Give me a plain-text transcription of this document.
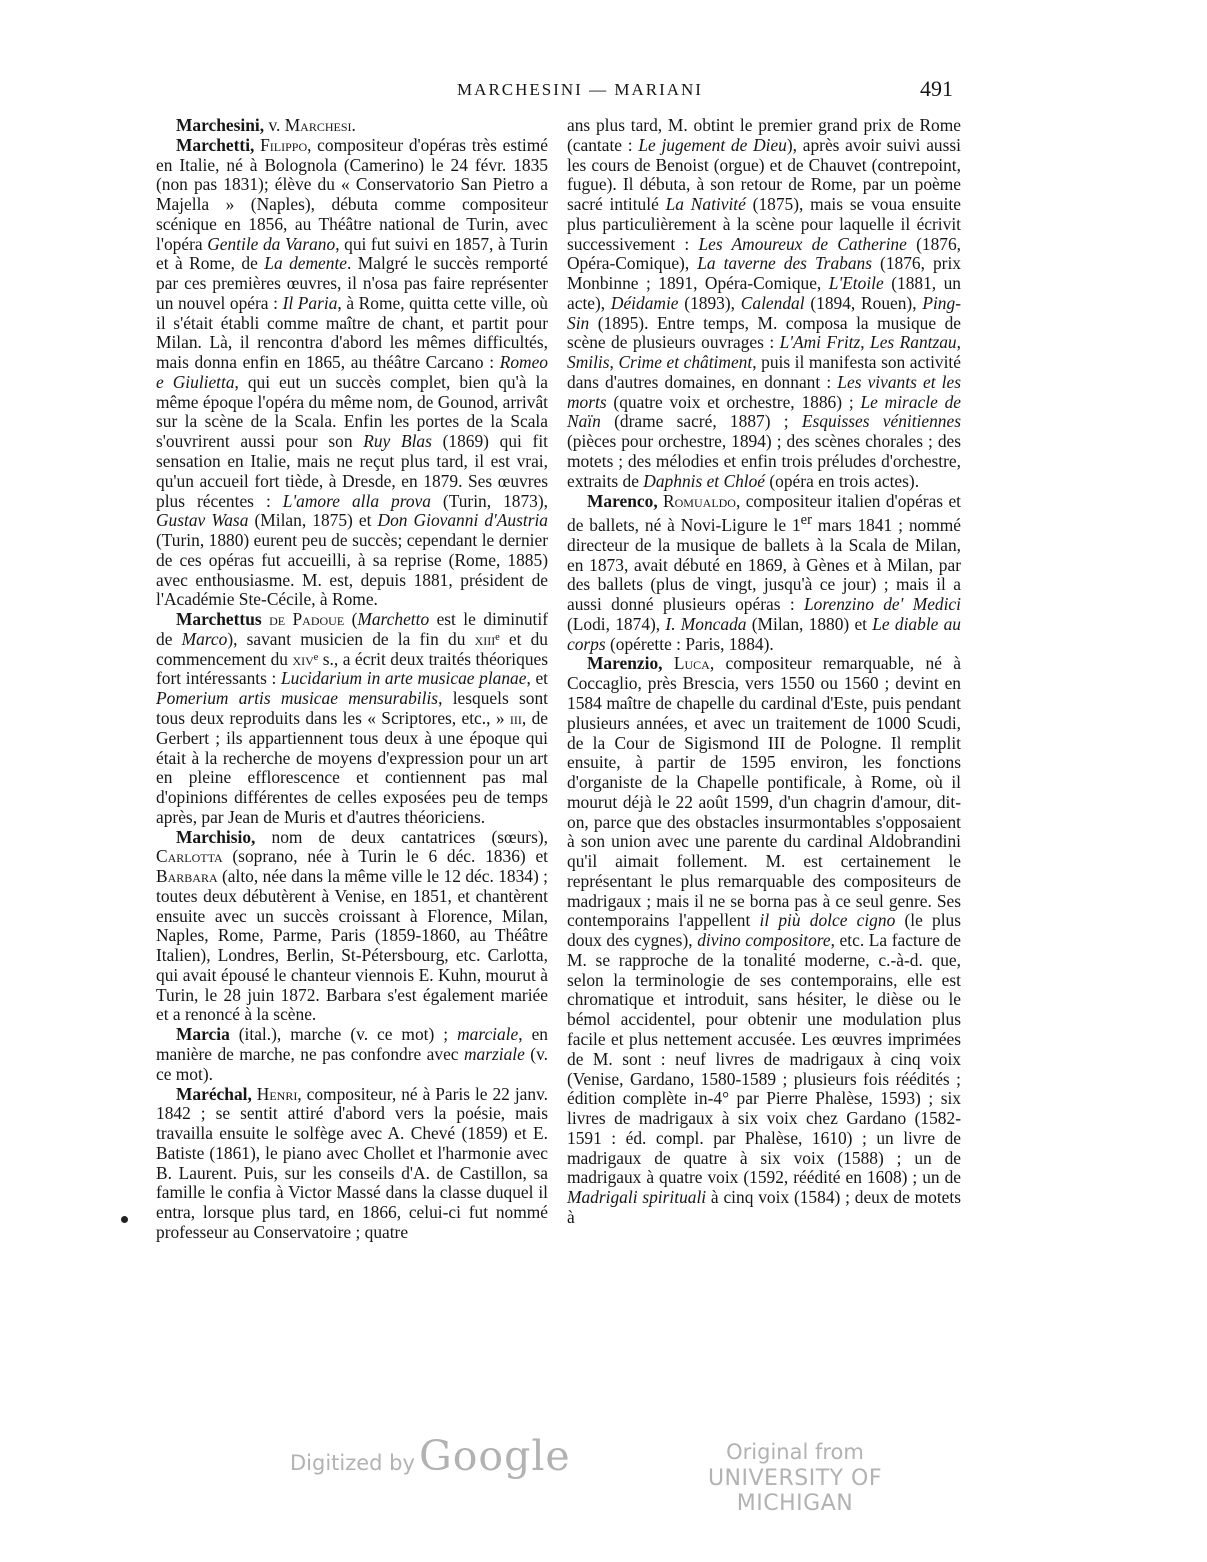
MARCHESINI — MARIANI	491

Marchesini, v. Marchesi.

Marchetti, Filippo, compositeur d'opéras très estimé en Italie, né à Bolognola (Camerino) le 24 févr. 1835 (non pas 1831); élève du « Conservatorio San Pietro a Majella » (Naples), débuta comme compositeur scénique en 1856, au Théâtre national de Turin, avec l'opéra Gentile da Varano, qui fut suivi en 1857, à Turin et à Rome, de La demente. Malgré le succès remporté par ces premières œuvres, il n'osa pas faire représenter un nouvel opéra : Il Paria, à Rome, quitta cette ville, où il s'était établi comme maître de chant, et partit pour Milan. Là, il rencontra d'abord les mêmes difficultés, mais donna enfin en 1865, au théâtre Carcano : Romeo e Giulietta, qui eut un succès complet, bien qu'à la même époque l'opéra du même nom, de Gounod, arrivât sur la scène de la Scala. Enfin les portes de la Scala s'ouvrirent aussi pour son Ruy Blas (1869) qui fit sensation en Italie, mais ne reçut plus tard, il est vrai, qu'un accueil fort tiède, à Dresde, en 1879. Ses œuvres plus récentes : L'amore alla prova (Turin, 1873), Gustav Wasa (Milan, 1875) et Don Giovanni d'Austria (Turin, 1880) eurent peu de succès; cependant le dernier de ces opéras fut accueilli, à sa reprise (Rome, 1885) avec enthousiasme. M. est, depuis 1881, président de l'Académie Ste-Cécile, à Rome.

Marchettus de Padoue (Marchetto est le diminutif de Marco), savant musicien de la fin du xiiiᵉ et du commencement du xivᵉ s., a écrit deux traités théoriques fort intéressants : Lucidarium in arte musicae planae, et Pomerium artis musicae mensurabilis, lesquels sont tous deux reproduits dans les « Scriptores, etc., » iii, de Gerbert ; ils appartiennent tous deux à une époque qui était à la recherche de moyens d'expression pour un art en pleine efflorescence et contiennent pas mal d'opinions différentes de celles exposées peu de temps après, par Jean de Muris et d'autres théoriciens.

Marchisio, nom de deux cantatrices (sœurs), Carlotta (soprano, née à Turin le 6 déc. 1836) et Barbara (alto, née dans la même ville le 12 déc. 1834) ; toutes deux débutèrent à Venise, en 1851, et chantèrent ensuite avec un succès croissant à Florence, Milan, Naples, Rome, Parme, Paris (1859-1860, au Théâtre Italien), Londres, Berlin, St-Pétersbourg, etc. Carlotta, qui avait épousé le chanteur viennois E. Kuhn, mourut à Turin, le 28 juin 1872. Barbara s'est également mariée et a renoncé à la scène.

Marcia (ital.), marche (v. ce mot) ; marciale, en manière de marche, ne pas confondre avec marziale (v. ce mot).

Maréchal, Henri, compositeur, né à Paris le 22 janv. 1842 ; se sentit attiré d'abord vers la poésie, mais travailla ensuite le solfège avec A. Chevé (1859) et E. Batiste (1861), le piano avec Chollet et l'harmonie avec B. Laurent. Puis, sur les conseils d'A. de Castillon, sa famille le confia à Victor Massé dans la classe duquel il entra, lorsque plus tard, en 1866, celui-ci fut nommé professeur au Conservatoire ; quatre

ans plus tard, M. obtint le premier grand prix de Rome (cantate : Le jugement de Dieu), après avoir suivi aussi les cours de Benoist (orgue) et de Chauvet (contrepoint, fugue). Il débuta, à son retour de Rome, par un poème sacré intitulé La Nativité (1875), mais se voua ensuite plus particulièrement à la scène pour laquelle il écrivit successivement : Les Amoureux de Catherine (1876, Opéra-Comique), La taverne des Trabans (1876, prix Monbinne ; 1891, Opéra-Comique, L'Etoile (1881, un acte), Déidamie (1893), Calendal (1894, Rouen), Ping-Sin (1895). Entre temps, M. composa la musique de scène de plusieurs ouvrages : L'Ami Fritz, Les Rantzau, Smilis, Crime et châtiment, puis il manifesta son activité dans d'autres domaines, en donnant : Les vivants et les morts (quatre voix et orchestre, 1886) ; Le miracle de Naïn (drame sacré, 1887) ; Esquisses vénitiennes (pièces pour orchestre, 1894) ; des scènes chorales ; des motets ; des mélodies et enfin trois préludes d'orchestre, extraits de Daphnis et Chloé (opéra en trois actes).

Marenco, Romualdo, compositeur italien d'opéras et de ballets, né à Novi-Ligure le 1er mars 1841 ; nommé directeur de la musique de ballets à la Scala de Milan, en 1873, avait débuté en 1869, à Gènes et à Milan, par des ballets (plus de vingt, jusqu'à ce jour) ; mais il a aussi donné plusieurs opéras : Lorenzino de' Medici (Lodi, 1874), I. Moncada (Milan, 1880) et Le diable au corps (opérette : Paris, 1884).

Marenzio, Luca, compositeur remarquable, né à Coccaglio, près Brescia, vers 1550 ou 1560 ; devint en 1584 maître de chapelle du cardinal d'Este, puis pendant plusieurs années, et avec un traitement de 1000 Scudi, de la Cour de Sigismond III de Pologne. Il remplit ensuite, à partir de 1595 environ, les fonctions d'organiste de la Chapelle pontificale, à Rome, où il mourut déjà le 22 août 1599, d'un chagrin d'amour, dit-on, parce que des obstacles insurmontables s'opposaient à son union avec une parente du cardinal Aldobrandini qu'il aimait follement. M. est certainement le représentant le plus remarquable des compositeurs de madrigaux ; mais il ne se borna pas à ce seul genre. Ses contemporains l'appellent il più dolce cigno (le plus doux des cygnes), divino compositore, etc. La facture de M. se rapproche de la tonalité moderne, c.-à-d. que, selon la terminologie de ses contemporains, elle est chromatique et introduit, sans hésiter, le dièse ou le bémol accidentel, pour obtenir une modulation plus facile et plus nettement accusée. Les œuvres imprimées de M. sont : neuf livres de madrigaux à cinq voix (Venise, Gardano, 1580-1589 ; plusieurs fois réédités ; édition complète in-4° par Pierre Phalèse, 1593) ; six livres de madrigaux à six voix chez Gardano (1582-1591 : éd. compl. par Phalèse, 1610) ; un livre de madrigaux de quatre à six voix (1588) ; un de madrigaux à quatre voix (1592, réédité en 1608) ; un de Madrigali spirituali à cinq voix (1584) ; deux de motets à

Digitized by Google	Original from
UNIVERSITY OF MICHIGAN
